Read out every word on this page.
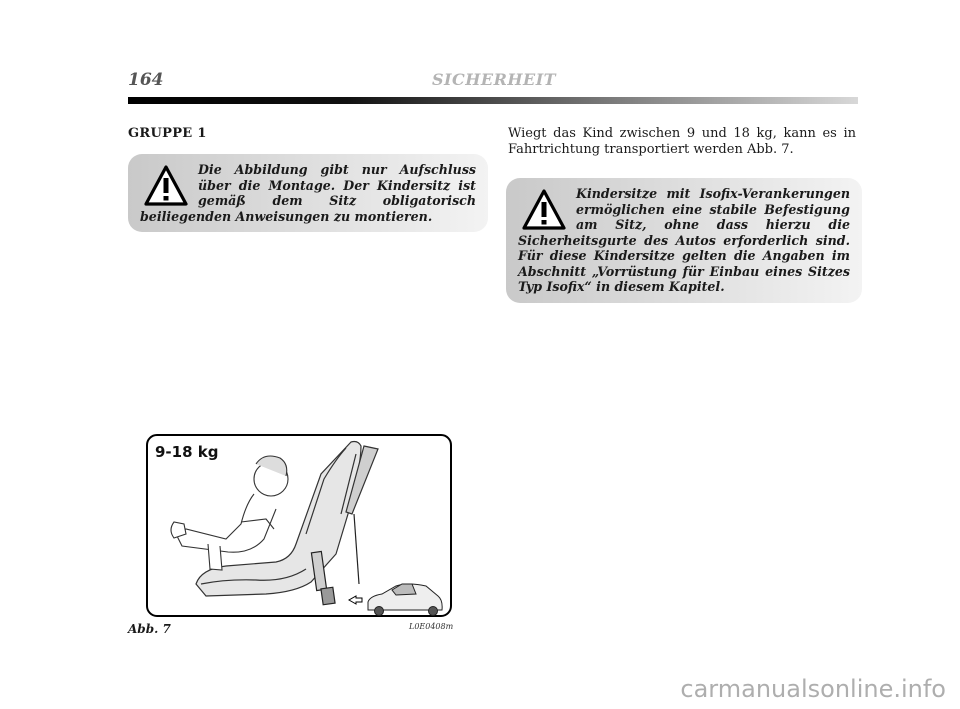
164	SICHERHEIT
GRUPPE 1

Die Abbildung gibt nur Aufschluss über die Montage. Der Kindersitz ist gemäß dem Sitz obligatorisch beiliegenden Anweisungen zu montieren.

Wiegt das Kind zwischen 9 und 18 kg, kann es in Fahrtrichtung transportiert werden Abb. 7.

Kindersitze mit Isofix-Verankerungen ermöglichen eine stabile Befestigung am Sitz, ohne dass hierzu die Sicherheitsgurte des Autos erforderlich sind. Für diese Kindersitze gelten die Angaben im Abschnitt „Vorrüstung für Einbau eines Sitzes Typ Isofix“ in diesem Kapitel.

9-18 kg
Abb. 7	L0E0408m
carmanualsonline.info
